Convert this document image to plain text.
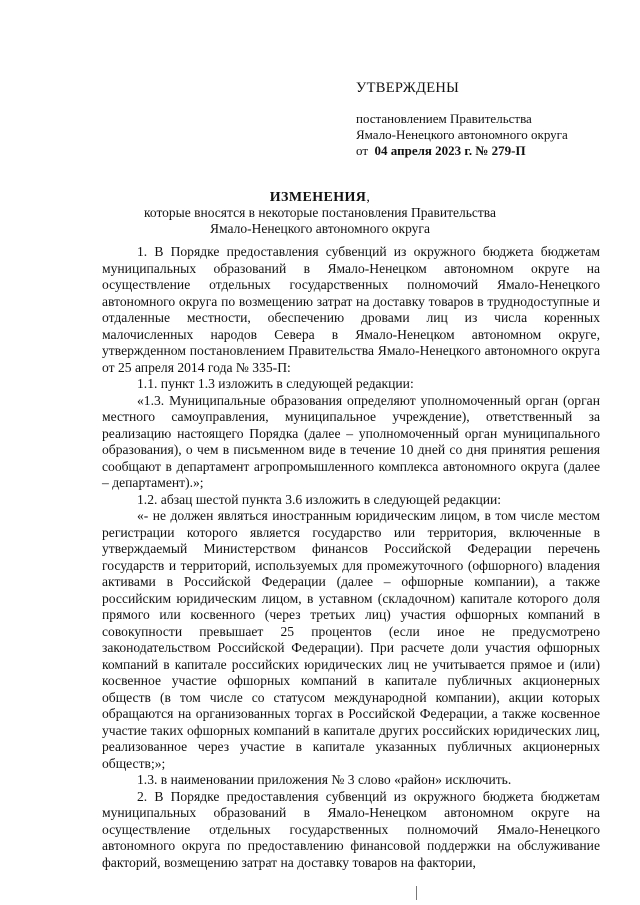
УТВЕРЖДЕНЫ
постановлением Правительства
Ямало-Ненецкого автономного округа
от 04 апреля 2023 г. № 279-П
ИЗМЕНЕНИЯ,
которые вносятся в некоторые постановления Правительства
Ямало-Ненецкого автономного округа

1. В Порядке предоставления субвенций из окружного бюджета бюджетам муниципальных образований в Ямало-Ненецком автономном округе на осуществление отдельных государственных полномочий Ямало-Ненецкого автономного округа по возмещению затрат на доставку товаров в труднодоступные и отдаленные местности, обеспечению дровами лиц из числа коренных малочисленных народов Севера в Ямало-Ненецком автономном округе, утвержденном постановлением Правительства Ямало-Ненецкого автономного округа от 25 апреля 2014 года № 335-П:

1.1. пункт 1.3 изложить в следующей редакции:

«1.3. Муниципальные образования определяют уполномоченный орган (орган местного самоуправления, муниципальное учреждение), ответственный за реализацию настоящего Порядка (далее – уполномоченный орган муниципального образования), о чем в письменном виде в течение 10 дней со дня принятия решения сообщают в департамент агропромышленного комплекса автономного округа (далее – департамент).»;

1.2. абзац шестой пункта 3.6 изложить в следующей редакции:

«- не должен являться иностранным юридическим лицом, в том числе местом регистрации которого является государство или территория, включенные в утверждаемый Министерством финансов Российской Федерации перечень государств и территорий, используемых для промежуточного (офшорного) владения активами в Российской Федерации (далее – офшорные компании), а также российским юридическим лицом, в уставном (складочном) капитале которого доля прямого или косвенного (через третьих лиц) участия офшорных компаний в совокупности превышает 25 процентов (если иное не предусмотрено законодательством Российской Федерации). При расчете доли участия офшорных компаний в капитале российских юридических лиц не учитывается прямое и (или) косвенное участие офшорных компаний в капитале публичных акционерных обществ (в том числе со статусом международной компании), акции которых обращаются на организованных торгах в Российской Федерации, а также косвенное участие таких офшорных компаний в капитале других российских юридических лиц, реализованное через участие в капитале указанных публичных акционерных обществ;»;

1.3. в наименовании приложения № 3 слово «район» исключить.

2. В Порядке предоставления субвенций из окружного бюджета бюджетам муниципальных образований в Ямало-Ненецком автономном округе на осуществление отдельных государственных полномочий Ямало-Ненецкого автономного округа по предоставлению финансовой поддержки на обслуживание факторий, возмещению затрат на доставку товаров на фактории,
